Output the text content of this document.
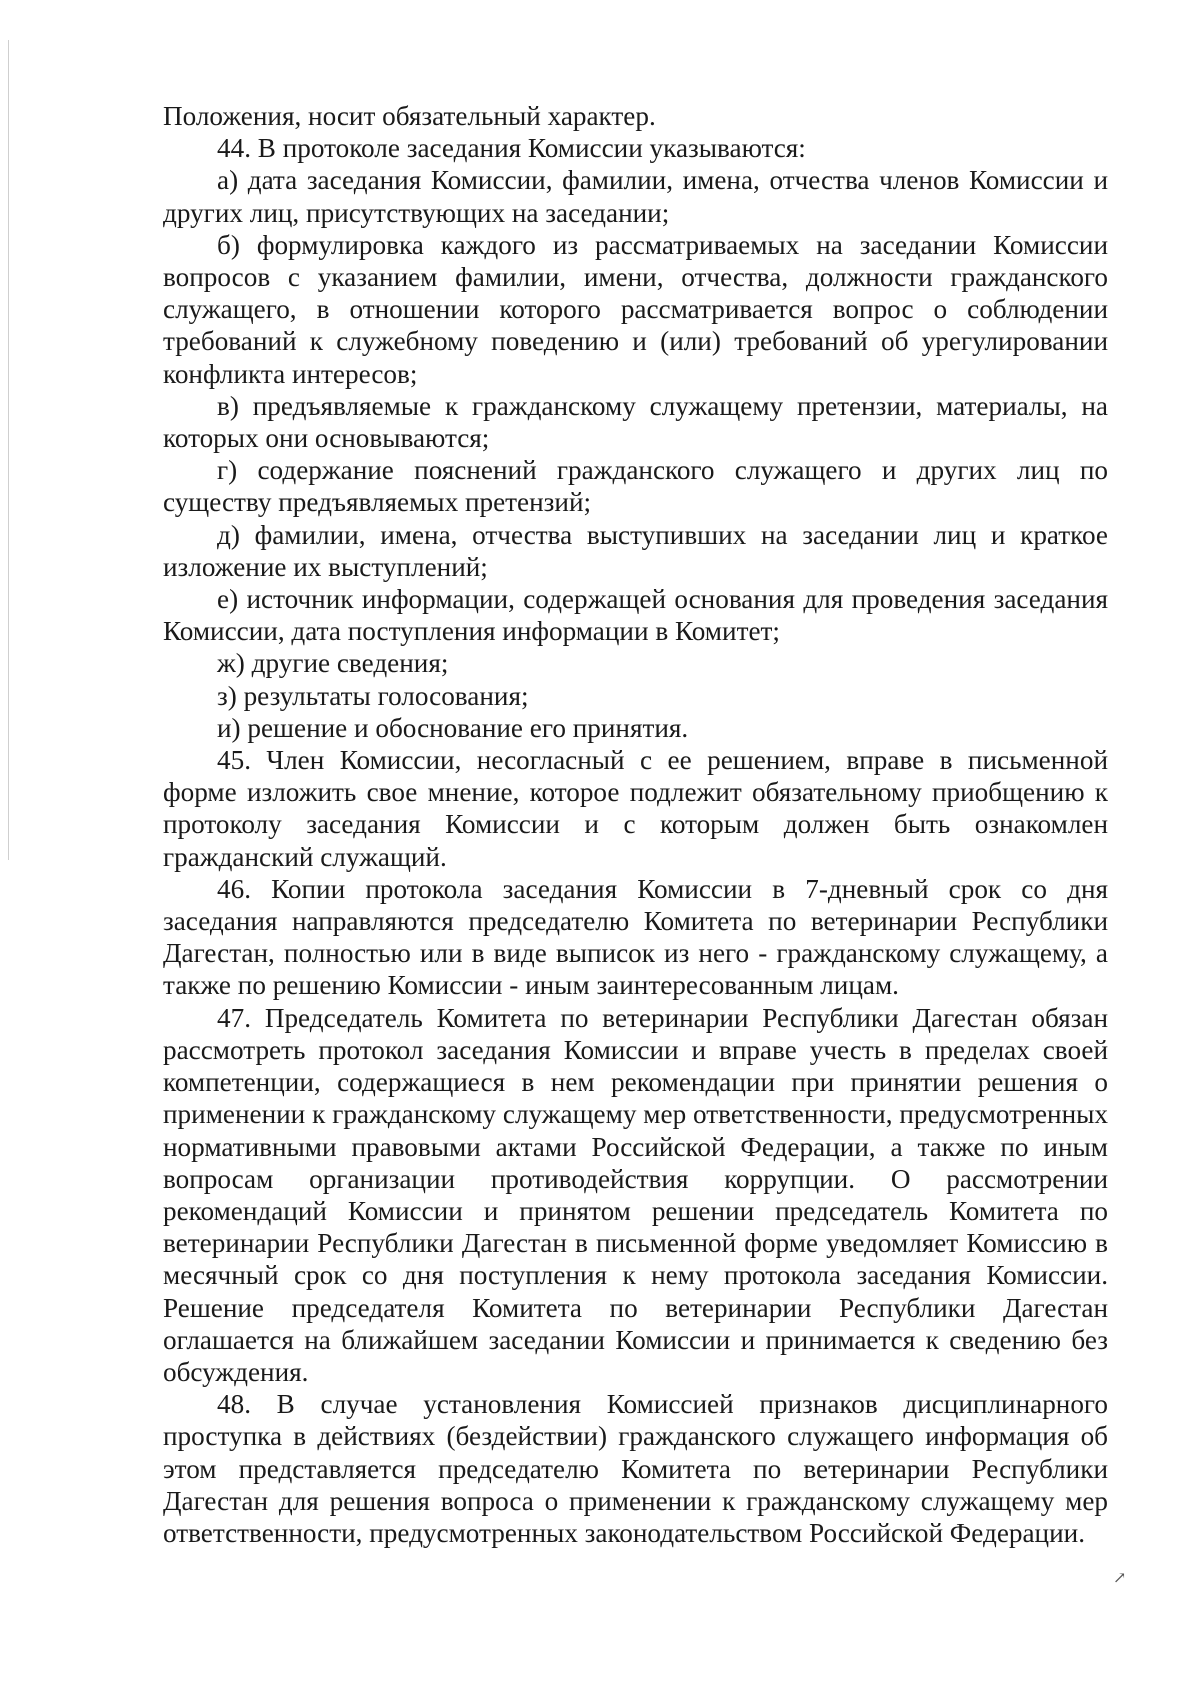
Положения, носит обязательный характер.

44. В протоколе заседания Комиссии указываются:

а) дата заседания Комиссии, фамилии, имена, отчества членов Комиссии и других лиц, присутствующих на заседании;

б) формулировка каждого из рассматриваемых на заседании Комиссии вопросов с указанием фамилии, имени, отчества, должности гражданского служащего, в отношении которого рассматривается вопрос о соблюдении требований к служебному поведению и (или) требований об урегулировании конфликта интересов;

в) предъявляемые к гражданскому служащему претензии, материалы, на которых они основываются;

г) содержание пояснений гражданского служащего и других лиц по существу предъявляемых претензий;

д) фамилии, имена, отчества выступивших на заседании лиц и краткое изложение их выступлений;

е) источник информации, содержащей основания для проведения заседания Комиссии, дата поступления информации в Комитет;

ж) другие сведения;

з) результаты голосования;

и) решение и обоснование его принятия.

45. Член Комиссии, несогласный с ее решением, вправе в письменной форме изложить свое мнение, которое подлежит обязательному приобщению к протоколу заседания Комиссии и с которым должен быть ознакомлен гражданский служащий.

46. Копии протокола заседания Комиссии в 7-дневный срок со дня заседания направляются председателю Комитета по ветеринарии Республики Дагестан, полностью или в виде выписок из него - гражданскому служащему, а также по решению Комиссии - иным заинтересованным лицам.

47. Председатель Комитета по ветеринарии Республики Дагестан обязан рассмотреть протокол заседания Комиссии и вправе учесть в пределах своей компетенции, содержащиеся в нем рекомендации при принятии решения о применении к гражданскому служащему мер ответственности, предусмотренных нормативными правовыми актами Российской Федерации, а также по иным вопросам организации противодействия коррупции. О рассмотрении рекомендаций Комиссии и принятом решении председатель Комитета по ветеринарии Республики Дагестан в письменной форме уведомляет Комиссию в месячный срок со дня поступления к нему протокола заседания Комиссии. Решение председателя Комитета по ветеринарии Республики Дагестан оглашается на ближайшем заседании Комиссии и принимается к сведению без обсуждения.

48. В случае установления Комиссией признаков дисциплинарного проступка в действиях (бездействии) гражданского служащего информация об этом представляется председателю Комитета по ветеринарии Республики Дагестан для решения вопроса о применении к гражданскому служащему мер ответственности, предусмотренных законодательством Российской Федерации.

↗
